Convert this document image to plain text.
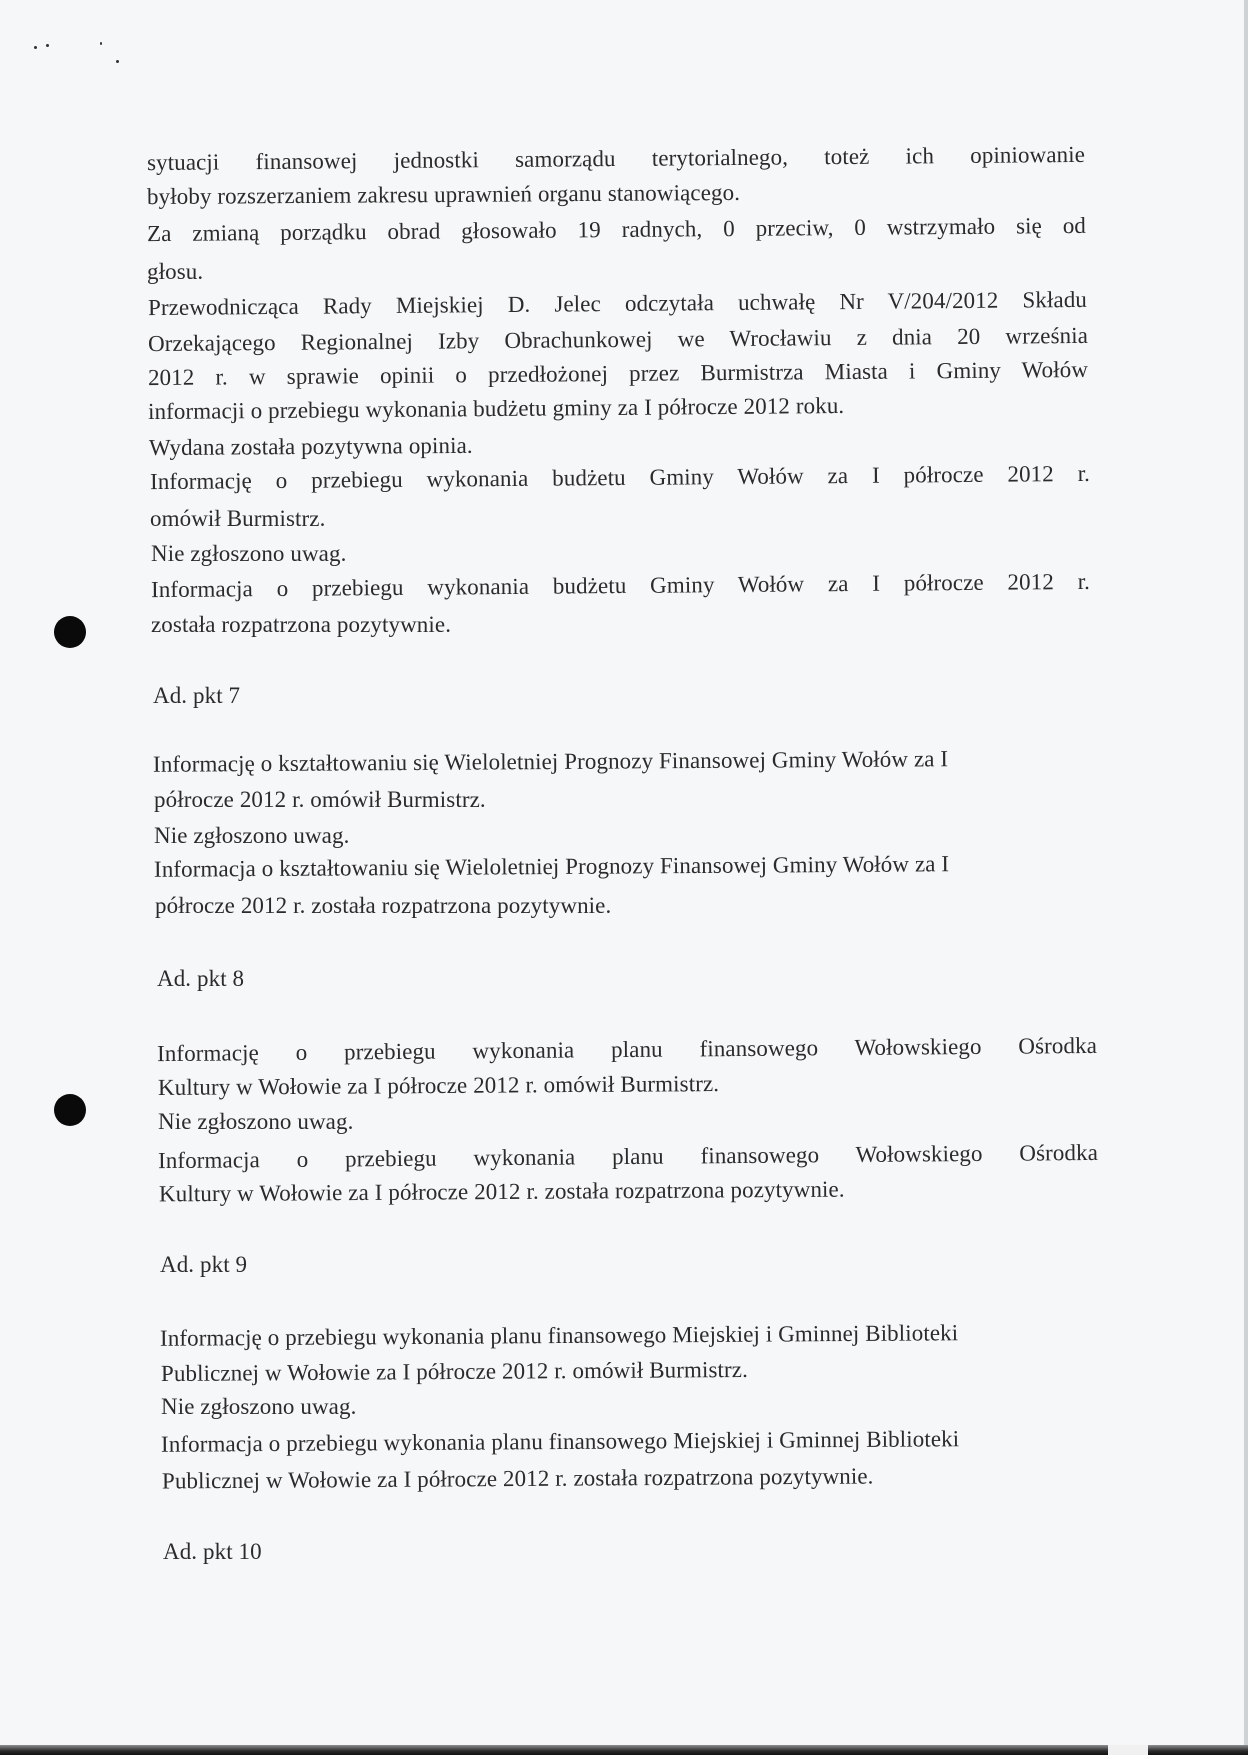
sytuacji finansowej jednostki samorządu terytorialnego, toteż ich opiniowanie
byłoby rozszerzaniem zakresu uprawnień organu stanowiącego.
Za zmianą porządku obrad głosowało 19 radnych, 0 przeciw, 0 wstrzymało się od
głosu.
Przewodnicząca Rady Miejskiej D. Jelec odczytała uchwałę Nr V/204/2012 Składu
Orzekającego Regionalnej Izby Obrachunkowej we Wrocławiu z dnia 20 września
2012 r. w sprawie opinii o przedłożonej przez Burmistrza Miasta i Gminy Wołów
informacji o przebiegu wykonania budżetu gminy za I półrocze 2012 roku.
Wydana została pozytywna opinia.
Informację o przebiegu wykonania budżetu Gminy Wołów za I półrocze 2012 r.
omówił Burmistrz.
Nie zgłoszono uwag.
Informacja o przebiegu wykonania budżetu Gminy Wołów za I półrocze 2012 r.
została rozpatrzona pozytywnie.
Ad. pkt 7
Informację o kształtowaniu się Wieloletniej Prognozy Finansowej Gminy Wołów za I
półrocze 2012 r. omówił Burmistrz.
Nie zgłoszono uwag.
Informacja o kształtowaniu się Wieloletniej Prognozy Finansowej Gminy Wołów za I
półrocze 2012 r. została rozpatrzona pozytywnie.
Ad. pkt 8
Informację o przebiegu wykonania planu finansowego Wołowskiego Ośrodka
Kultury w Wołowie za I półrocze 2012 r. omówił Burmistrz.
Nie zgłoszono uwag.
Informacja o przebiegu wykonania planu finansowego Wołowskiego Ośrodka
Kultury w Wołowie za I półrocze 2012 r. została rozpatrzona pozytywnie.
Ad. pkt 9
Informację o przebiegu wykonania planu finansowego Miejskiej i Gminnej Biblioteki
Publicznej w Wołowie za I półrocze 2012 r. omówił Burmistrz.
Nie zgłoszono uwag.
Informacja o przebiegu wykonania planu finansowego Miejskiej i Gminnej Biblioteki
Publicznej w Wołowie za I półrocze 2012 r. została rozpatrzona pozytywnie.
Ad. pkt 10
